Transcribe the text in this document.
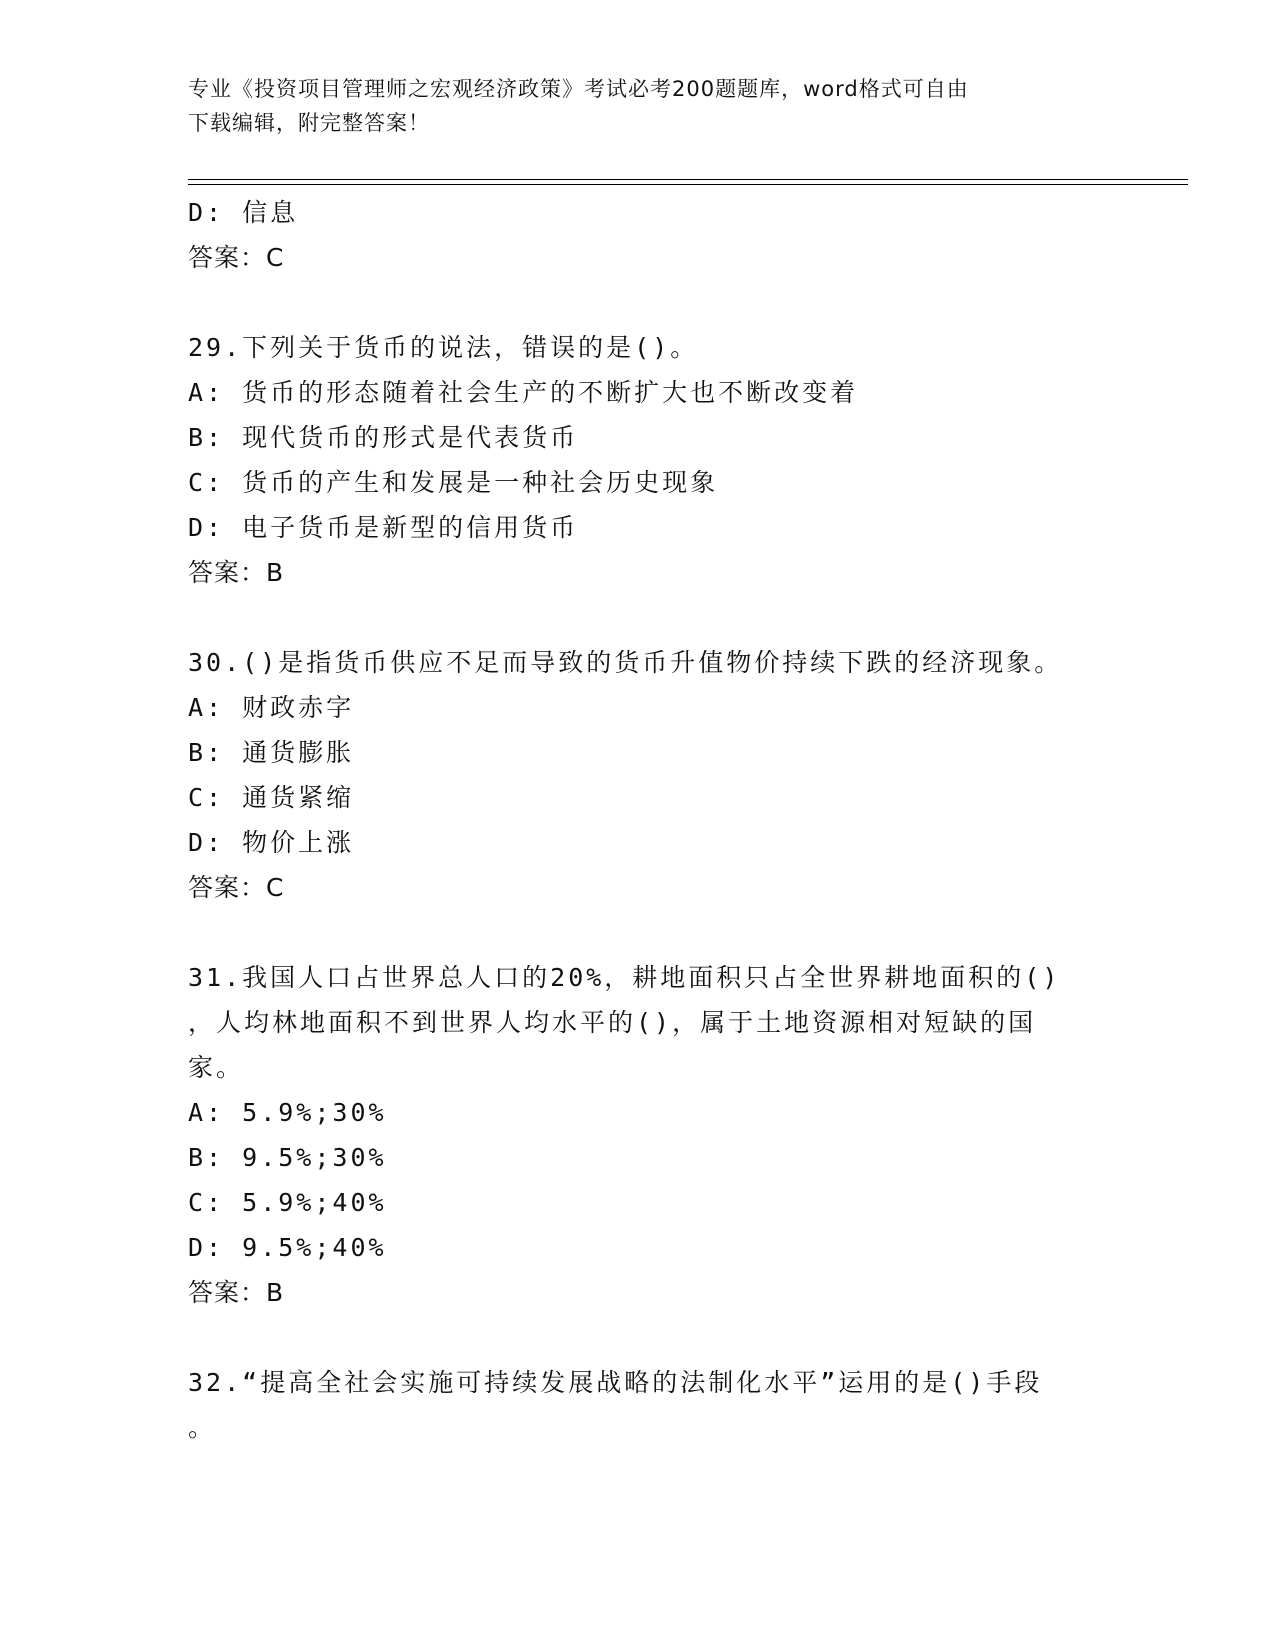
专业《投资项目管理师之宏观经济政策》考试必考200题题库，word格式可自由
下载编辑，附完整答案！
D: 信息
答案：C
29.下列关于货币的说法，错误的是()。
A: 货币的形态随着社会生产的不断扩大也不断改变着
B: 现代货币的形式是代表货币
C: 货币的产生和发展是一种社会历史现象
D: 电子货币是新型的信用货币
答案：B
30.()是指货币供应不足而导致的货币升值物价持续下跌的经济现象。
A: 财政赤字
B: 通货膨胀
C: 通货紧缩
D: 物价上涨
答案：C
31.我国人口占世界总人口的20%，耕地面积只占全世界耕地面积的()
，人均林地面积不到世界人均水平的()，属于土地资源相对短缺的国
家。
A: 5.9%;30%
B: 9.5%;30%
C: 5.9%;40%
D: 9.5%;40%
答案：B
32.“提高全社会实施可持续发展战略的法制化水平”运用的是()手段
。
